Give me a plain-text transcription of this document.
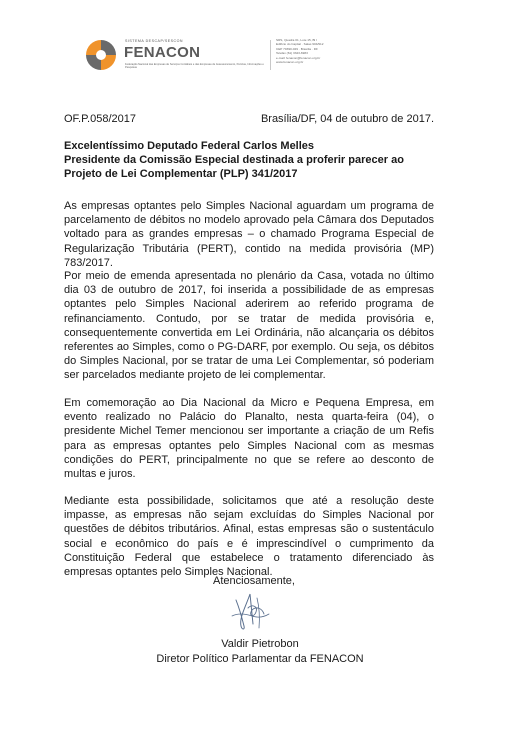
SISTEMA DESCAP/SESCON
FENACON
Federação Nacional das Empresas de Serviços Contábeis e das Empresas de Assessoramento, Perícias, Informações e Pesquisas
SRS, Quadra 01, Lote 15, Bl I
Edifício do Capital · Salas 904/912
CEP 70390-029 · Brasília · DF
Telefax (61) 3323-6983
e-mail: fenacon@fenacon.org.br
www.fenacon.org.br
OF.P.058/2017	Brasília/DF, 04 de outubro de 2017.
Excelentíssimo Deputado Federal Carlos Melles
Presidente da Comissão Especial destinada a proferir parecer ao Projeto de Lei Complementar (PLP) 341/2017
As empresas optantes pelo Simples Nacional aguardam um programa de parcelamento de débitos no modelo aprovado pela Câmara dos Deputados voltado para as grandes empresas – o chamado Programa Especial de Regularização Tributária (PERT), contido na medida provisória (MP) 783/2017.
Por meio de emenda apresentada no plenário da Casa, votada no último dia 03 de outubro de 2017, foi inserida a possibilidade de as empresas optantes pelo Simples Nacional aderirem ao referido programa de refinanciamento. Contudo, por se tratar de medida provisória e, consequentemente convertida em Lei Ordinária, não alcançaria os débitos referentes ao Simples, como o PG-DARF, por exemplo. Ou seja, os débitos do Simples Nacional, por se tratar de uma Lei Complementar, só poderiam ser parcelados mediante projeto de lei complementar.
Em comemoração ao Dia Nacional da Micro e Pequena Empresa, em evento realizado no Palácio do Planalto, nesta quarta-feira (04), o presidente Michel Temer mencionou ser importante a criação de um Refis para as empresas optantes pelo Simples Nacional com as mesmas condições do PERT, principalmente no que se refere ao desconto de multas e juros.
Mediante esta possibilidade, solicitamos que até a resolução deste impasse, as empresas não sejam excluídas do Simples Nacional por questões de débitos tributários. Afinal, estas empresas são o sustentáculo social e econômico do país e é imprescindível o cumprimento da Constituição Federal que estabelece o tratamento diferenciado às empresas optantes pelo Simples Nacional.
Atenciosamente,
Valdir Pietrobon
Diretor Político Parlamentar da FENACON
